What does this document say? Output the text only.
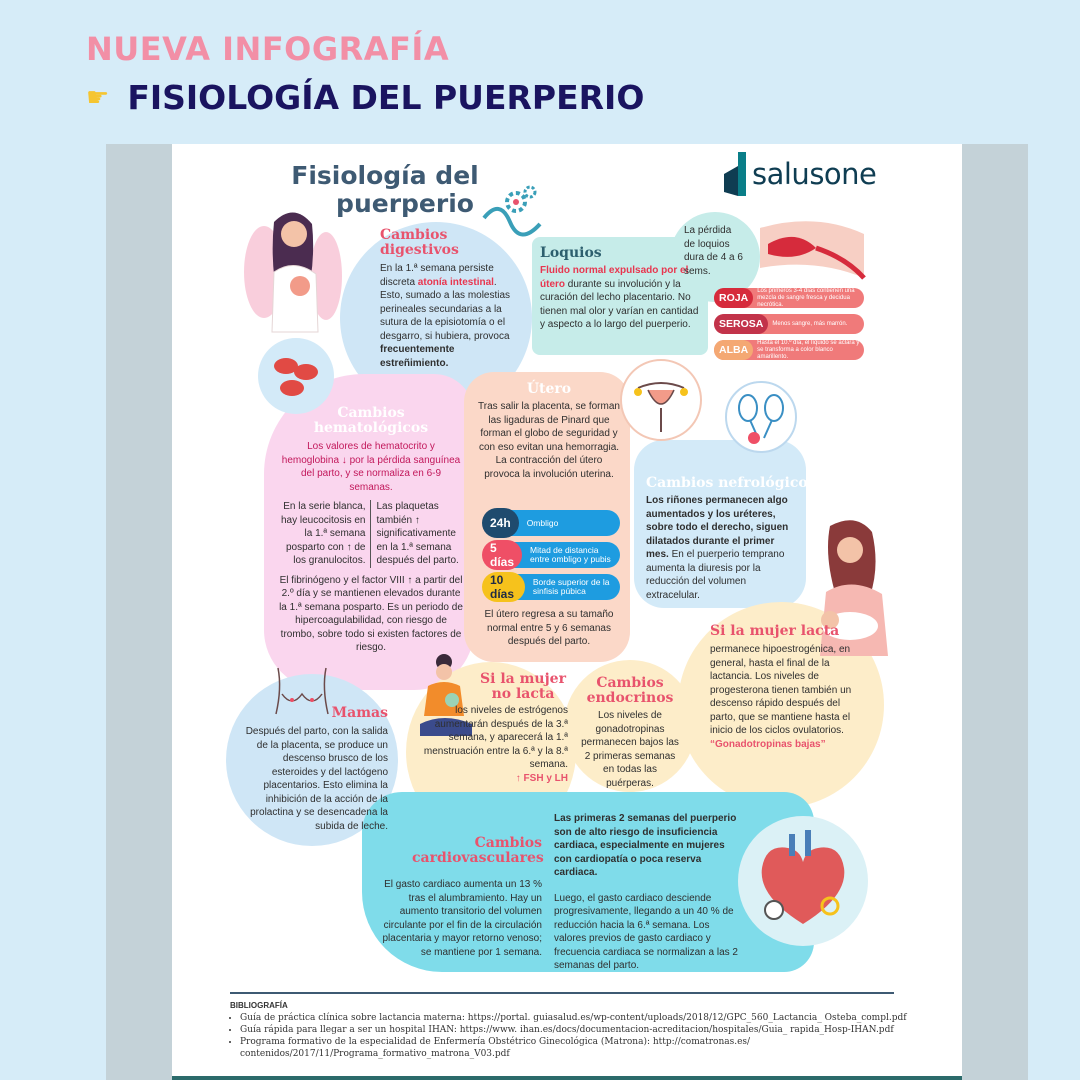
NUEVA INFOGRAFÍA
☛ FISIOLOGÍA DEL PUERPERIO
Fisiología del
puerperio
salusone
Cambios digestivos
En la 1.ª semana persiste discreta atonía intestinal.
Esto, sumado a las molestias perineales secundarias a la sutura de la episiotomía o el desgarro, si hubiera, provoca frecuentemente estreñimiento.
Loquios
Fluido normal expulsado por el útero durante su involución y la curación del lecho placentario. No tienen mal olor y varían en cantidad y aspecto a lo largo del puerperio.
La pérdida de loquios dura de 4 a 6 sems.
ROJA
Los primeros 3-4 días contienen una mezcla de sangre fresca y decidua necrótica.
SEROSA	Menos sangre, más marrón.
ALBA
Hasta el 10.º día, el líquido se aclara y se transforma a color blanco amarillento.
Cambios hematológicos
Los valores de hematocrito y hemoglobina ↓ por la pérdida sanguínea del parto, y se normaliza en 6-9 semanas.
En la serie blanca, hay leucocitosis en la 1.ª semana posparto con ↑ de los granulocitos.
Las plaquetas también ↑ significativamente en la 1.ª semana después del parto.
El fibrinógeno y el factor VIII ↑ a partir del 2.º día y se mantienen elevados durante la 1.ª semana posparto. Es un periodo de hipercoagulabilidad, con riesgo de trombo, sobre todo si existen factores de riesgo.
Útero
Tras salir la placenta, se forman las ligaduras de Pinard que forman el globo de seguridad y con eso evitan una hemorragia.
La contracción del útero provoca la involución uterina.
24h	Ombligo
5 días
Mitad de distancia entre ombligo y pubis
10 días
Borde superior de la sinfisis púbica
El útero regresa a su tamaño normal entre 5 y 6 semanas después del parto.
Cambios nefrológicos
Los riñones permanecen algo aumentados y los uréteres, sobre todo el derecho, siguen dilatados durante el primer mes. En el puerperio temprano aumenta la diuresis por la reducción del volumen extracelular.
Si la mujer lacta
permanece hipoestrogénica, en general, hasta el final de la lactancia. Los niveles de progesterona tienen también un descenso rápido después del parto, que se mantiene hasta el inicio de los ciclos ovulatorios.
“Gonadotropinas bajas”
Cambios endocrinos
Los niveles de gonadotropinas permanecen bajos las 2 primeras semanas en todas las puérperas.
Si la mujer no lacta
los niveles de estrógenos aumentarán después de la 3.ª semana, y aparecerá la 1.ª menstruación entre la 6.ª y la 8.ª semana.
↑ FSH y LH
Mamas
Después del parto, con la salida de la placenta, se produce un descenso brusco de los esteroides y del lactógeno placentarios. Esto elimina la inhibición de la acción de la prolactina y se desencadena la subida de leche.
Cambios cardiovasculares
El gasto cardiaco aumenta un 13 % tras el alumbramiento. Hay un aumento transitorio del volumen circulante por el fin de la circulación placentaria y mayor retorno venoso; se mantiene por 1 semana.
Las primeras 2 semanas del puerperio son de alto riesgo de insuficiencia cardiaca, especialmente en mujeres con cardiopatía o poca reserva cardiaca.
Luego, el gasto cardiaco desciende progresivamente, llegando a un 40 % de reducción hacia la 6.ª semana. Los valores previos de gasto cardiaco y frecuencia cardiaca se normalizan a las 2 semanas del parto.
BIBLIOGRAFÍA
• Guía de práctica clínica sobre lactancia materna: https://portal. guiasalud.es/wp-content/uploads/2018/12/GPC_560_Lactancia_ Osteba_compl.pdf
• Guía rápida para llegar a ser un hospital IHAN: https://www. ihan.es/docs/documentacion-acreditacion/hospitales/Guia_ rapida_Hosp-IHAN.pdf
• Programa formativo de la especialidad de Enfermería Obstétrico Ginecológica (Matrona): http://comatronas.es/ contenidos/2017/11/Programa_formativo_matrona_V03.pdf
